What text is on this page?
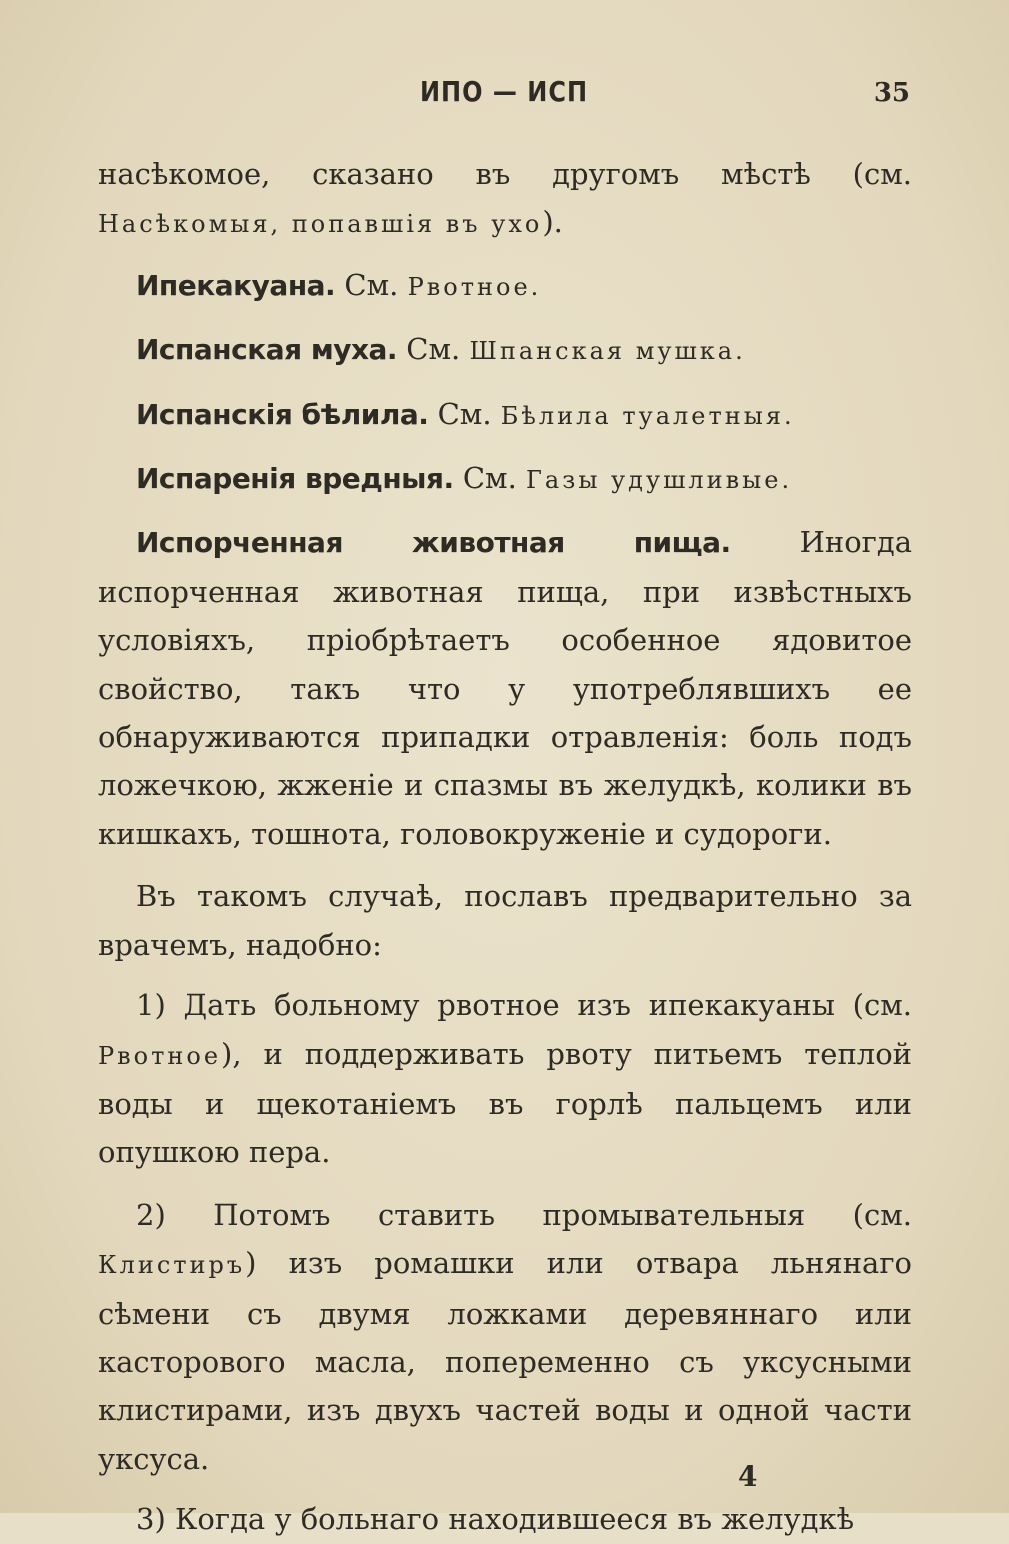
ИПО — ИСП	35

насѣкомое, сказано въ другомъ мѣстѣ (см. Насѣкомыя, попавшія въ ухо).

Ипекакуана. См. Рвотное.

Испанская муха. См. Шпанская мушка.

Испанскія бѣлила. См. Бѣлила туалетныя.

Испаренія вредныя. См. Газы удушливые.

Испорченная животная пища. Иногда испорченная животная пища, при извѣстныхъ условіяхъ, пріобрѣтаетъ особенное ядовитое свойство, такъ что у употреблявшихъ ее обнаруживаются припадки отравленія: боль подъ ложечкою, жженіе и спазмы въ желудкѣ, колики въ кишкахъ, тошнота, головокруженіе и судороги.

Въ такомъ случаѣ, пославъ предварительно за врачемъ, надобно:

1) Дать больному рвотное изъ ипекакуаны (см. Рвотное), и поддерживать рвоту питьемъ теплой воды и щекотаніемъ въ горлѣ пальцемъ или опушкою пера.

2) Потомъ ставить промывательныя (см. Клистиръ) изъ ромашки или отвара льнянаго сѣмени съ двумя ложками деревяннаго или касторового масла, попеременно съ уксусными клистирами, изъ двухъ частей воды и одной части уксуса.

3) Когда у больнаго находившееся въ желудкѣ

4
